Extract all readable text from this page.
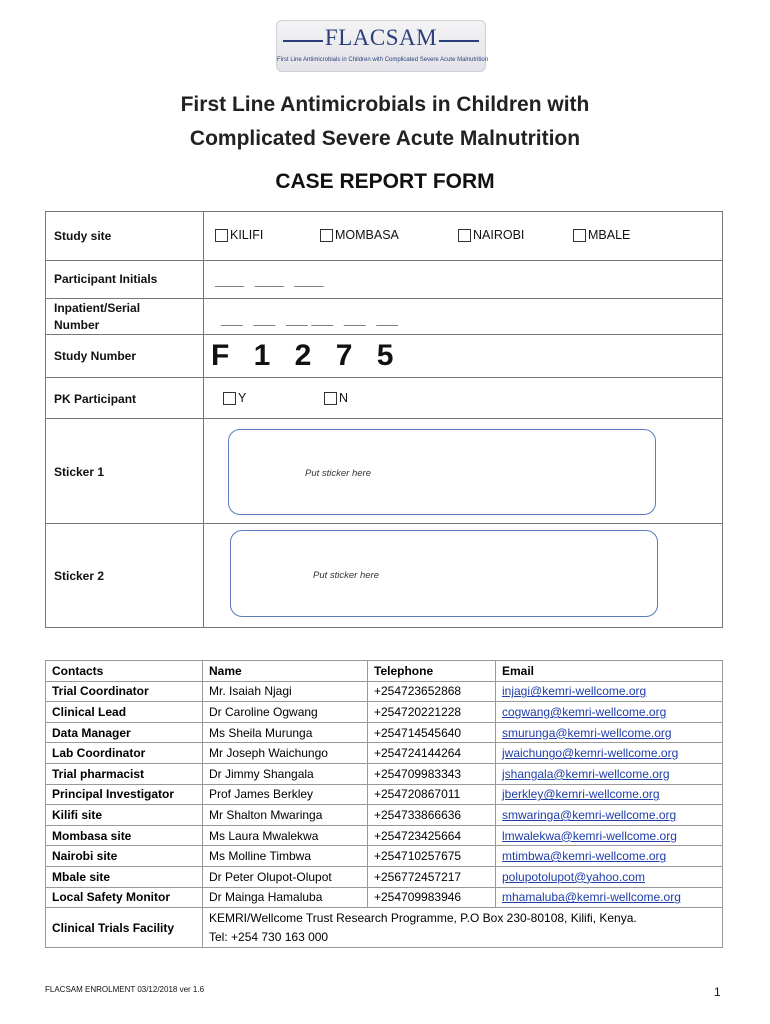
FLACSAM
First Line Antimicrobials in Children with Complicated Severe Acute Malnutrition
First Line Antimicrobials in Children with
Complicated Severe Acute Malnutrition
CASE REPORT FORM
Study site	KILIFI	MOMBASA	NAIROBI	MBALE
Participant Initials	____   ____   ____
Inpatient/Serial
Number	___   ___   ___ ___   ___   ___
Study Number F 1 2 7 5
PK Participant	Y	N
Sticker 1	Put sticker here
Sticker 2	Put sticker here
Contacts	Name	Telephone	Email
Trial Coordinator	Mr. Isaiah Njagi	+254723652868	injagi@kemri-wellcome.org
Clinical Lead	Dr Caroline Ogwang	+254720221228	cogwang@kemri-wellcome.org
Data Manager	Ms Sheila Murunga	+254714545640	smurunga@kemri-wellcome.org
Lab Coordinator	Mr Joseph Waichungo	+254724144264	jwaichungo@kemri-wellcome.org
Trial pharmacist	Dr Jimmy Shangala	+254709983343	jshangala@kemri-wellcome.org
Principal Investigator	Prof James Berkley	+254720867011	jberkley@kemri-wellcome.org
Kilifi site	Mr Shalton Mwaringa	+254733866636	smwaringa@kemri-wellcome.org
Mombasa site	Ms Laura Mwalekwa	+254723425664	lmwalekwa@kemri-wellcome.org
Nairobi site	Ms Molline Timbwa	+254710257675	mtimbwa@kemri-wellcome.org
Mbale site	Dr Peter Olupot-Olupot	+256772457217	polupotolupot@yahoo.com
Local Safety Monitor	Dr Mainga Hamaluba	+254709983946	mhamaluba@kemri-wellcome.org
Clinical Trials Facility	KEMRI/Wellcome Trust Research Programme, P.O Box 230-80108, Kilifi, Kenya.
Tel: +254 730 163 000		
FLACSAM ENROLMENT 03/12/2018 ver 1.6	1
